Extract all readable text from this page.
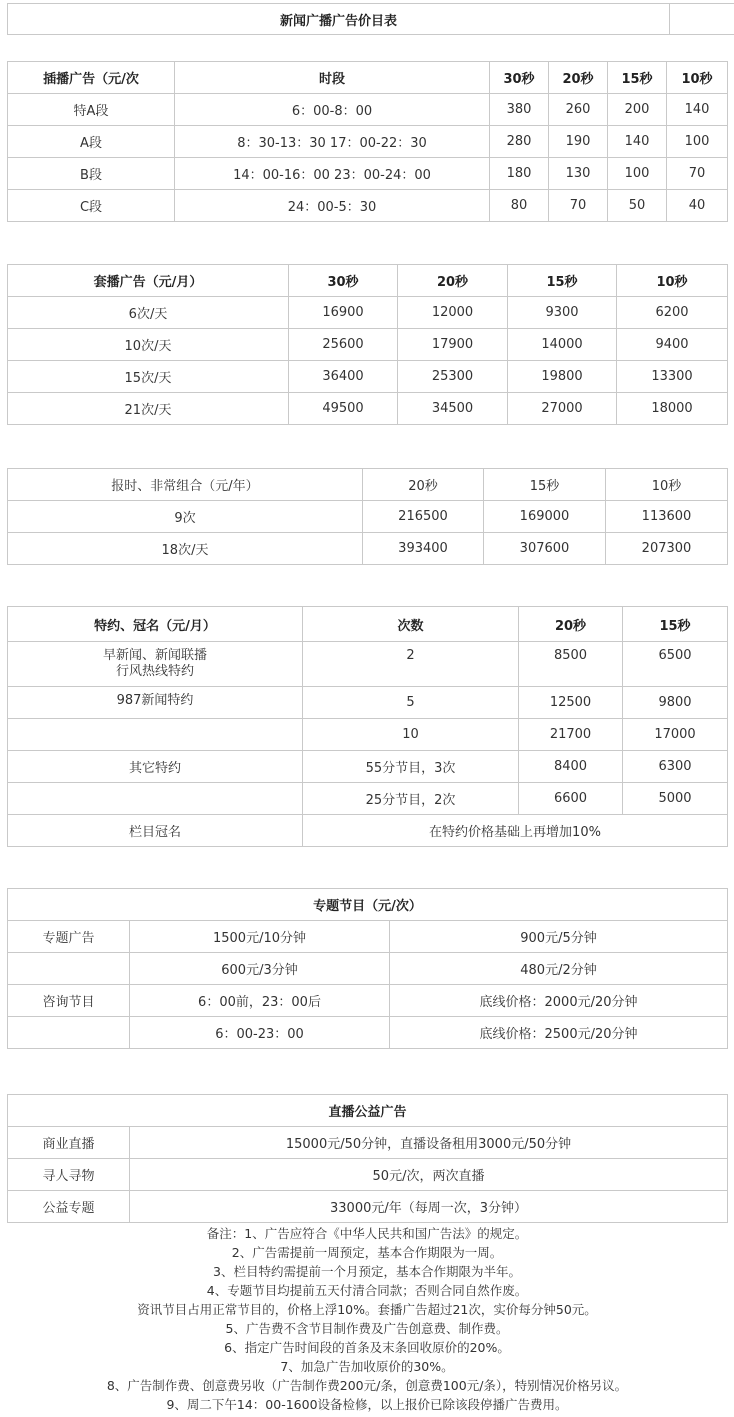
新闻广播广告价目表	
插播广告（元/次	时段	30秒	20秒	15秒	10秒
特A段	6：00-8：00	380	260	200	140
A段	8：30-13：30 17：00-22：30	280	190	140	100
B段	14：00-16：00 23：00-24：00	180	130	100	70
C段	24：00-5：30	80	70	50	40
套播广告（元/月）	30秒	20秒	15秒	10秒
6次/天	16900	12000	9300	6200
10次/天	25600	17900	14000	9400
15次/天	36400	25300	19800	13300
21次/天	49500	34500	27000	18000
报时、非常组合（元/年）	20秒	15秒	10秒
9次	216500	169000	113600
18次/天	393400	307600	207300
特约、冠名（元/月）	次数	20秒	15秒

早新闻、新闻联播
行风热线特约	2	8500	6500
987新闻特约	5	12500	9800
	10	21700	17000
其它特约	55分节目，3次	8400	6300
	25分节目，2次	6600	5000
栏目冠名	在特约价格基础上再增加10%		
专题节目（元/次）		
专题广告	1500元/10分钟	900元/5分钟
	600元/3分钟	480元/2分钟
咨询节目	6：00前，23：00后	底线价格：2000元/20分钟
	6：00-23：00	底线价格：2500元/20分钟
直播公益广告	
商业直播	15000元/50分钟，直播设备租用3000元/50分钟
寻人寻物	50元/次，两次直播
公益专题	33000元/年（每周一次，3分钟）
备注：1、广告应符合《中华人民共和国广告法》的规定。
2、广告需提前一周预定，基本合作期限为一周。
3、栏目特约需提前一个月预定，基本合作期限为半年。
4、专题节目均提前五天付清合同款；否则合同自然作废。
资讯节目占用正常节目的，价格上浮10%。套播广告超过21次，实价每分钟50元。
5、广告费不含节目制作费及广告创意费、制作费。
6、指定广告时间段的首条及末条回收原价的20%。
7、加急广告加收原价的30%。
8、广告制作费、创意费另收（广告制作费200元/条，创意费100元/条），特别情况价格另议。
9、周二下午14：00-1600设备检修，以上报价已除该段停播广告费用。
